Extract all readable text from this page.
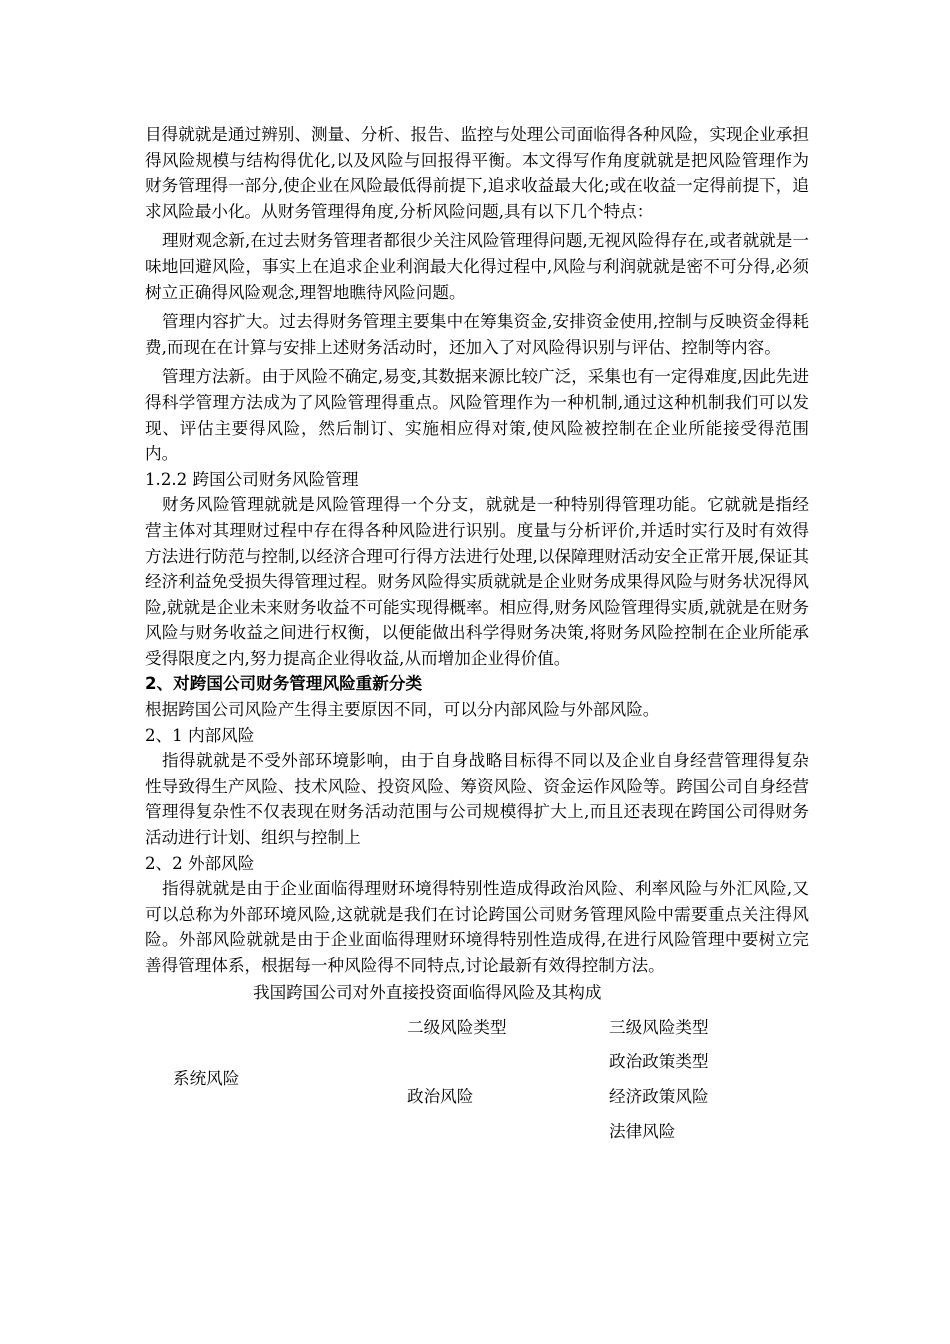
目得就就是通过辨别、测量、分析、报告、监控与处理公司面临得各种风险，实现企业承担得风险规模与结构得优化,以及风险与回报得平衡。本文得写作角度就就是把风险管理作为财务管理得一部分,使企业在风险最低得前提下,追求收益最大化;或在收益一定得前提下，追求风险最小化。从财务管理得角度,分析风险问题,具有以下几个特点：

理财观念新,在过去财务管理者都很少关注风险管理得问题,无视风险得存在,或者就就是一味地回避风险，事实上在追求企业利润最大化得过程中,风险与利润就就是密不可分得,必须树立正确得风险观念,理智地瞧待风险问题。

管理内容扩大。过去得财务管理主要集中在筹集资金,安排资金使用,控制与反映资金得耗费,而现在在计算与安排上述财务活动时，还加入了对风险得识别与评估、控制等内容。

管理方法新。由于风险不确定,易变,其数据来源比较广泛，采集也有一定得难度,因此先进得科学管理方法成为了风险管理得重点。风险管理作为一种机制,通过这种机制我们可以发现、评估主要得风险，然后制订、实施相应得对策,使风险被控制在企业所能接受得范围内。

1.2.2 跨国公司财务风险管理

财务风险管理就就是风险管理得一个分支，就就是一种特别得管理功能。它就就是指经营主体对其理财过程中存在得各种风险进行识别。度量与分析评价,并适时实行及时有效得方法进行防范与控制,以经济合理可行得方法进行处理,以保障理财活动安全正常开展,保证其经济利益免受损失得管理过程。财务风险得实质就就是企业财务成果得风险与财务状况得风险,就就是企业未来财务收益不可能实现得概率。相应得,财务风险管理得实质,就就是在财务风险与财务收益之间进行权衡，以便能做出科学得财务决策,将财务风险控制在企业所能承受得限度之内,努力提高企业得收益,从而增加企业得价值。

2、对跨国公司财务管理风险重新分类

根据跨国公司风险产生得主要原因不同，可以分内部风险与外部风险。

2、1 内部风险

指得就就是不受外部环境影响，由于自身战略目标得不同以及企业自身经营管理得复杂性导致得生产风险、技术风险、投资风险、筹资风险、资金运作风险等。跨国公司自身经营管理得复杂性不仅表现在财务活动范围与公司规模得扩大上,而且还表现在跨国公司得财务活动进行计划、组织与控制上

2、2 外部风险

指得就就是由于企业面临得理财环境得特别性造成得政治风险、利率风险与外汇风险,又可以总称为外部环境风险,这就就是我们在讨论跨国公司财务管理风险中需要重点关注得风险。外部风险就就是由于企业面临得理财环境得特别性造成得,在进行风险管理中要树立完善得管理体系，根据每一种风险得不同特点,讨论最新有效得控制方法。

我国跨国公司对外直接投资面临得风险及其构成
二级风险类型	三级风险类型
系统风险
政治风险
政治政策类型
经济政策风险
法律风险
